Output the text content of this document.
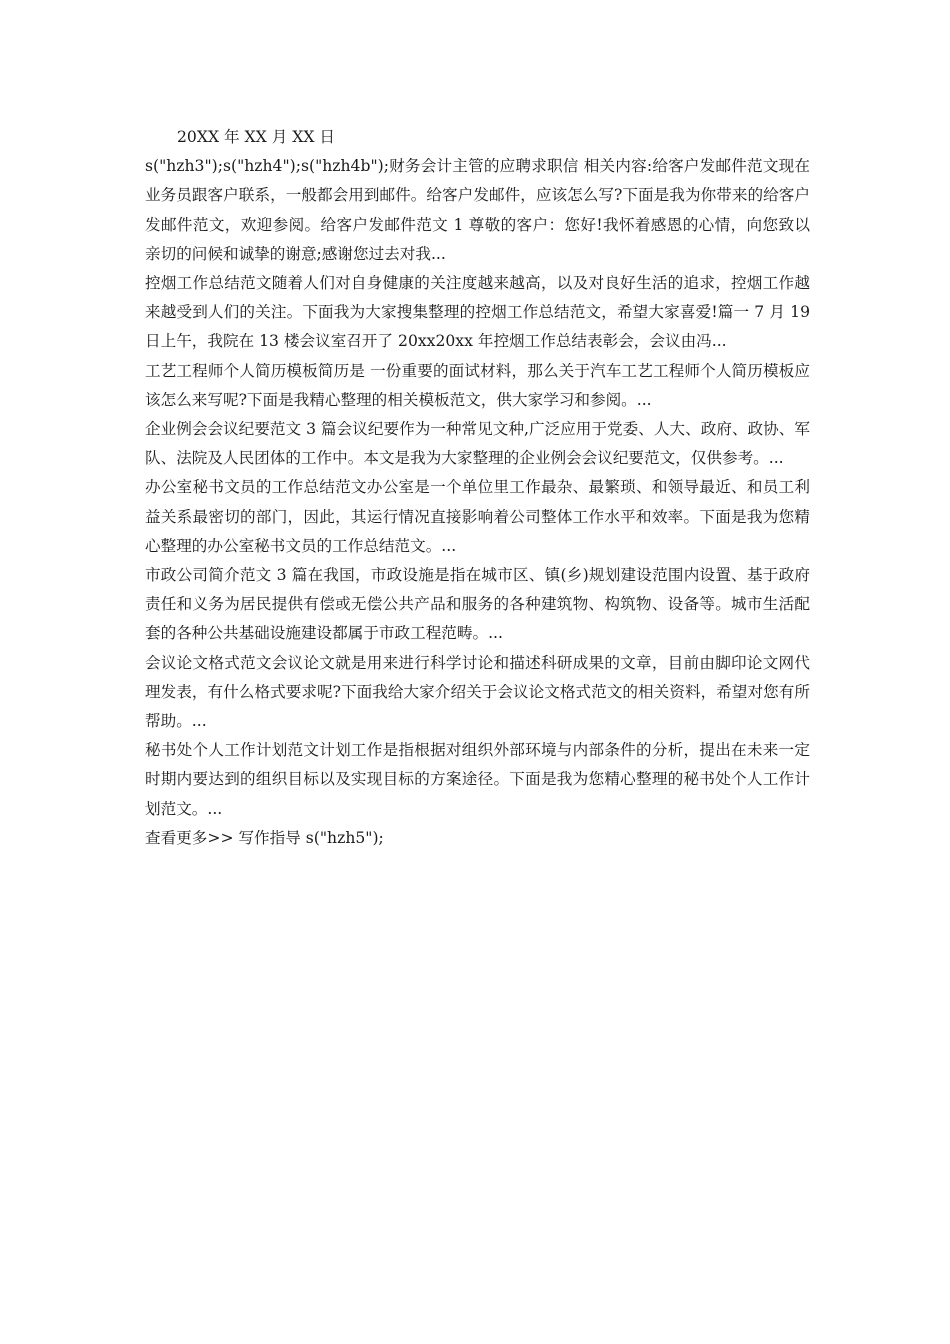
20XX 年 XX 月 XX 日

s("hzh3");s("hzh4");s("hzh4b");财务会计主管的应聘求职信 相关内容:给客户发邮件范文现在业务员跟客户联系，一般都会用到邮件。给客户发邮件，应该怎么写?下面是我为你带来的给客户发邮件范文，欢迎参阅。给客户发邮件范文 1 尊敬的客户：您好!我怀着感恩的心情，向您致以亲切的问候和诚挚的谢意;感谢您过去对我...

控烟工作总结范文随着人们对自身健康的关注度越来越高，以及对良好生活的追求，控烟工作越来越受到人们的关注。下面我为大家搜集整理的控烟工作总结范文，希望大家喜爱!篇一 7 月 19 日上午，我院在 13 楼会议室召开了 20xx20xx 年控烟工作总结表彰会，会议由冯...

工艺工程师个人简历模板简历是 一份重要的面试材料，那么关于汽车工艺工程师个人简历模板应该怎么来写呢?下面是我精心整理的相关模板范文，供大家学习和参阅。...

企业例会会议纪要范文 3 篇会议纪要作为一种常见文种,广泛应用于党委、人大、政府、政协、军队、法院及人民团体的工作中。本文是我为大家整理的企业例会会议纪要范文，仅供参考。...

办公室秘书文员的工作总结范文办公室是一个单位里工作最杂、最繁琐、和领导最近、和员工利益关系最密切的部门，因此，其运行情况直接影响着公司整体工作水平和效率。下面是我为您精心整理的办公室秘书文员的工作总结范文。...

市政公司简介范文 3 篇在我国，市政设施是指在城市区、镇(乡)规划建设范围内设置、基于政府责任和义务为居民提供有偿或无偿公共产品和服务的各种建筑物、构筑物、设备等。城市生活配套的各种公共基础设施建设都属于市政工程范畴。...

会议论文格式范文会议论文就是用来进行科学讨论和描述科研成果的文章，目前由脚印论文网代理发表，有什么格式要求呢?下面我给大家介绍关于会议论文格式范文的相关资料，希望对您有所帮助。...

秘书处个人工作计划范文计划工作是指根据对组织外部环境与内部条件的分析，提出在未来一定时期内要达到的组织目标以及实现目标的方案途径。下面是我为您精心整理的秘书处个人工作计划范文。...

查看更多>> 写作指导 s("hzh5");
